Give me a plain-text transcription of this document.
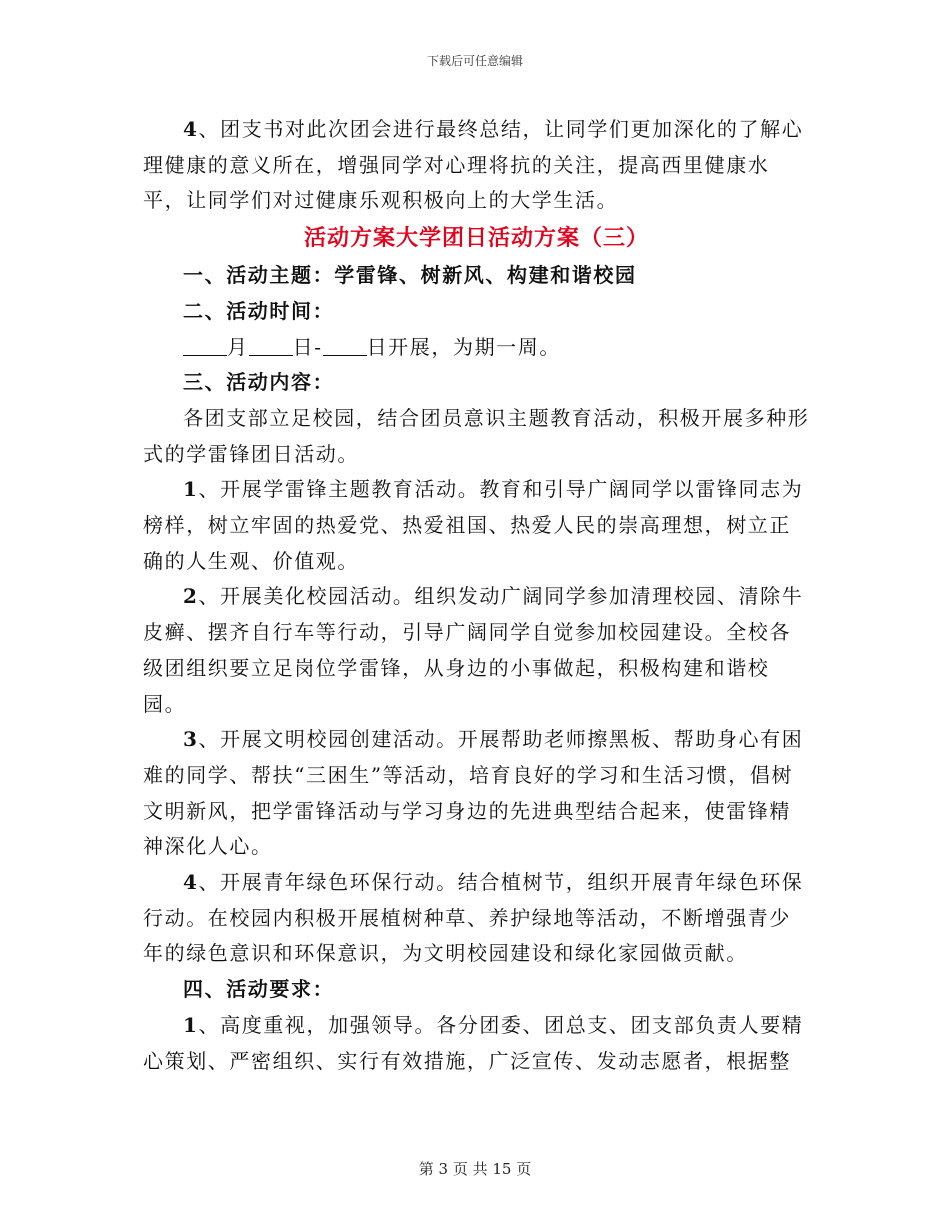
下载后可任意编辑

4、团支书对此次团会进行最终总结，让同学们更加深化的了解心理健康的意义所在，增强同学对心理将抗的关注，提高西里健康水平，让同学们对过健康乐观积极向上的大学生活。

活动方案大学团日活动方案（三）

一、活动主题：学雷锋、树新风、构建和谐校园

二、活动时间：

月 日- 日开展，为期一周。

三、活动内容：

各团支部立足校园，结合团员意识主题教育活动，积极开展多种形式的学雷锋团日活动。

1、开展学雷锋主题教育活动。教育和引导广阔同学以雷锋同志为榜样，树立牢固的热爱党、热爱祖国、热爱人民的崇高理想，树立正确的人生观、价值观。

2、开展美化校园活动。组织发动广阔同学参加清理校园、清除牛皮癣、摆齐自行车等行动，引导广阔同学自觉参加校园建设。全校各级团组织要立足岗位学雷锋，从身边的小事做起，积极构建和谐校园。

3、开展文明校园创建活动。开展帮助老师擦黑板、帮助身心有困难的同学、帮扶“三困生”等活动，培育良好的学习和生活习惯，倡树文明新风，把学雷锋活动与学习身边的先进典型结合起来，使雷锋精神深化人心。

4、开展青年绿色环保行动。结合植树节，组织开展青年绿色环保行动。在校园内积极开展植树种草、养护绿地等活动，不断增强青少年的绿色意识和环保意识，为文明校园建设和绿化家园做贡献。

四、活动要求：

1、高度重视，加强领导。各分团委、团总支、团支部负责人要精心策划、严密组织、实行有效措施，广泛宣传、发动志愿者，根据整

第 3 页 共 15 页
